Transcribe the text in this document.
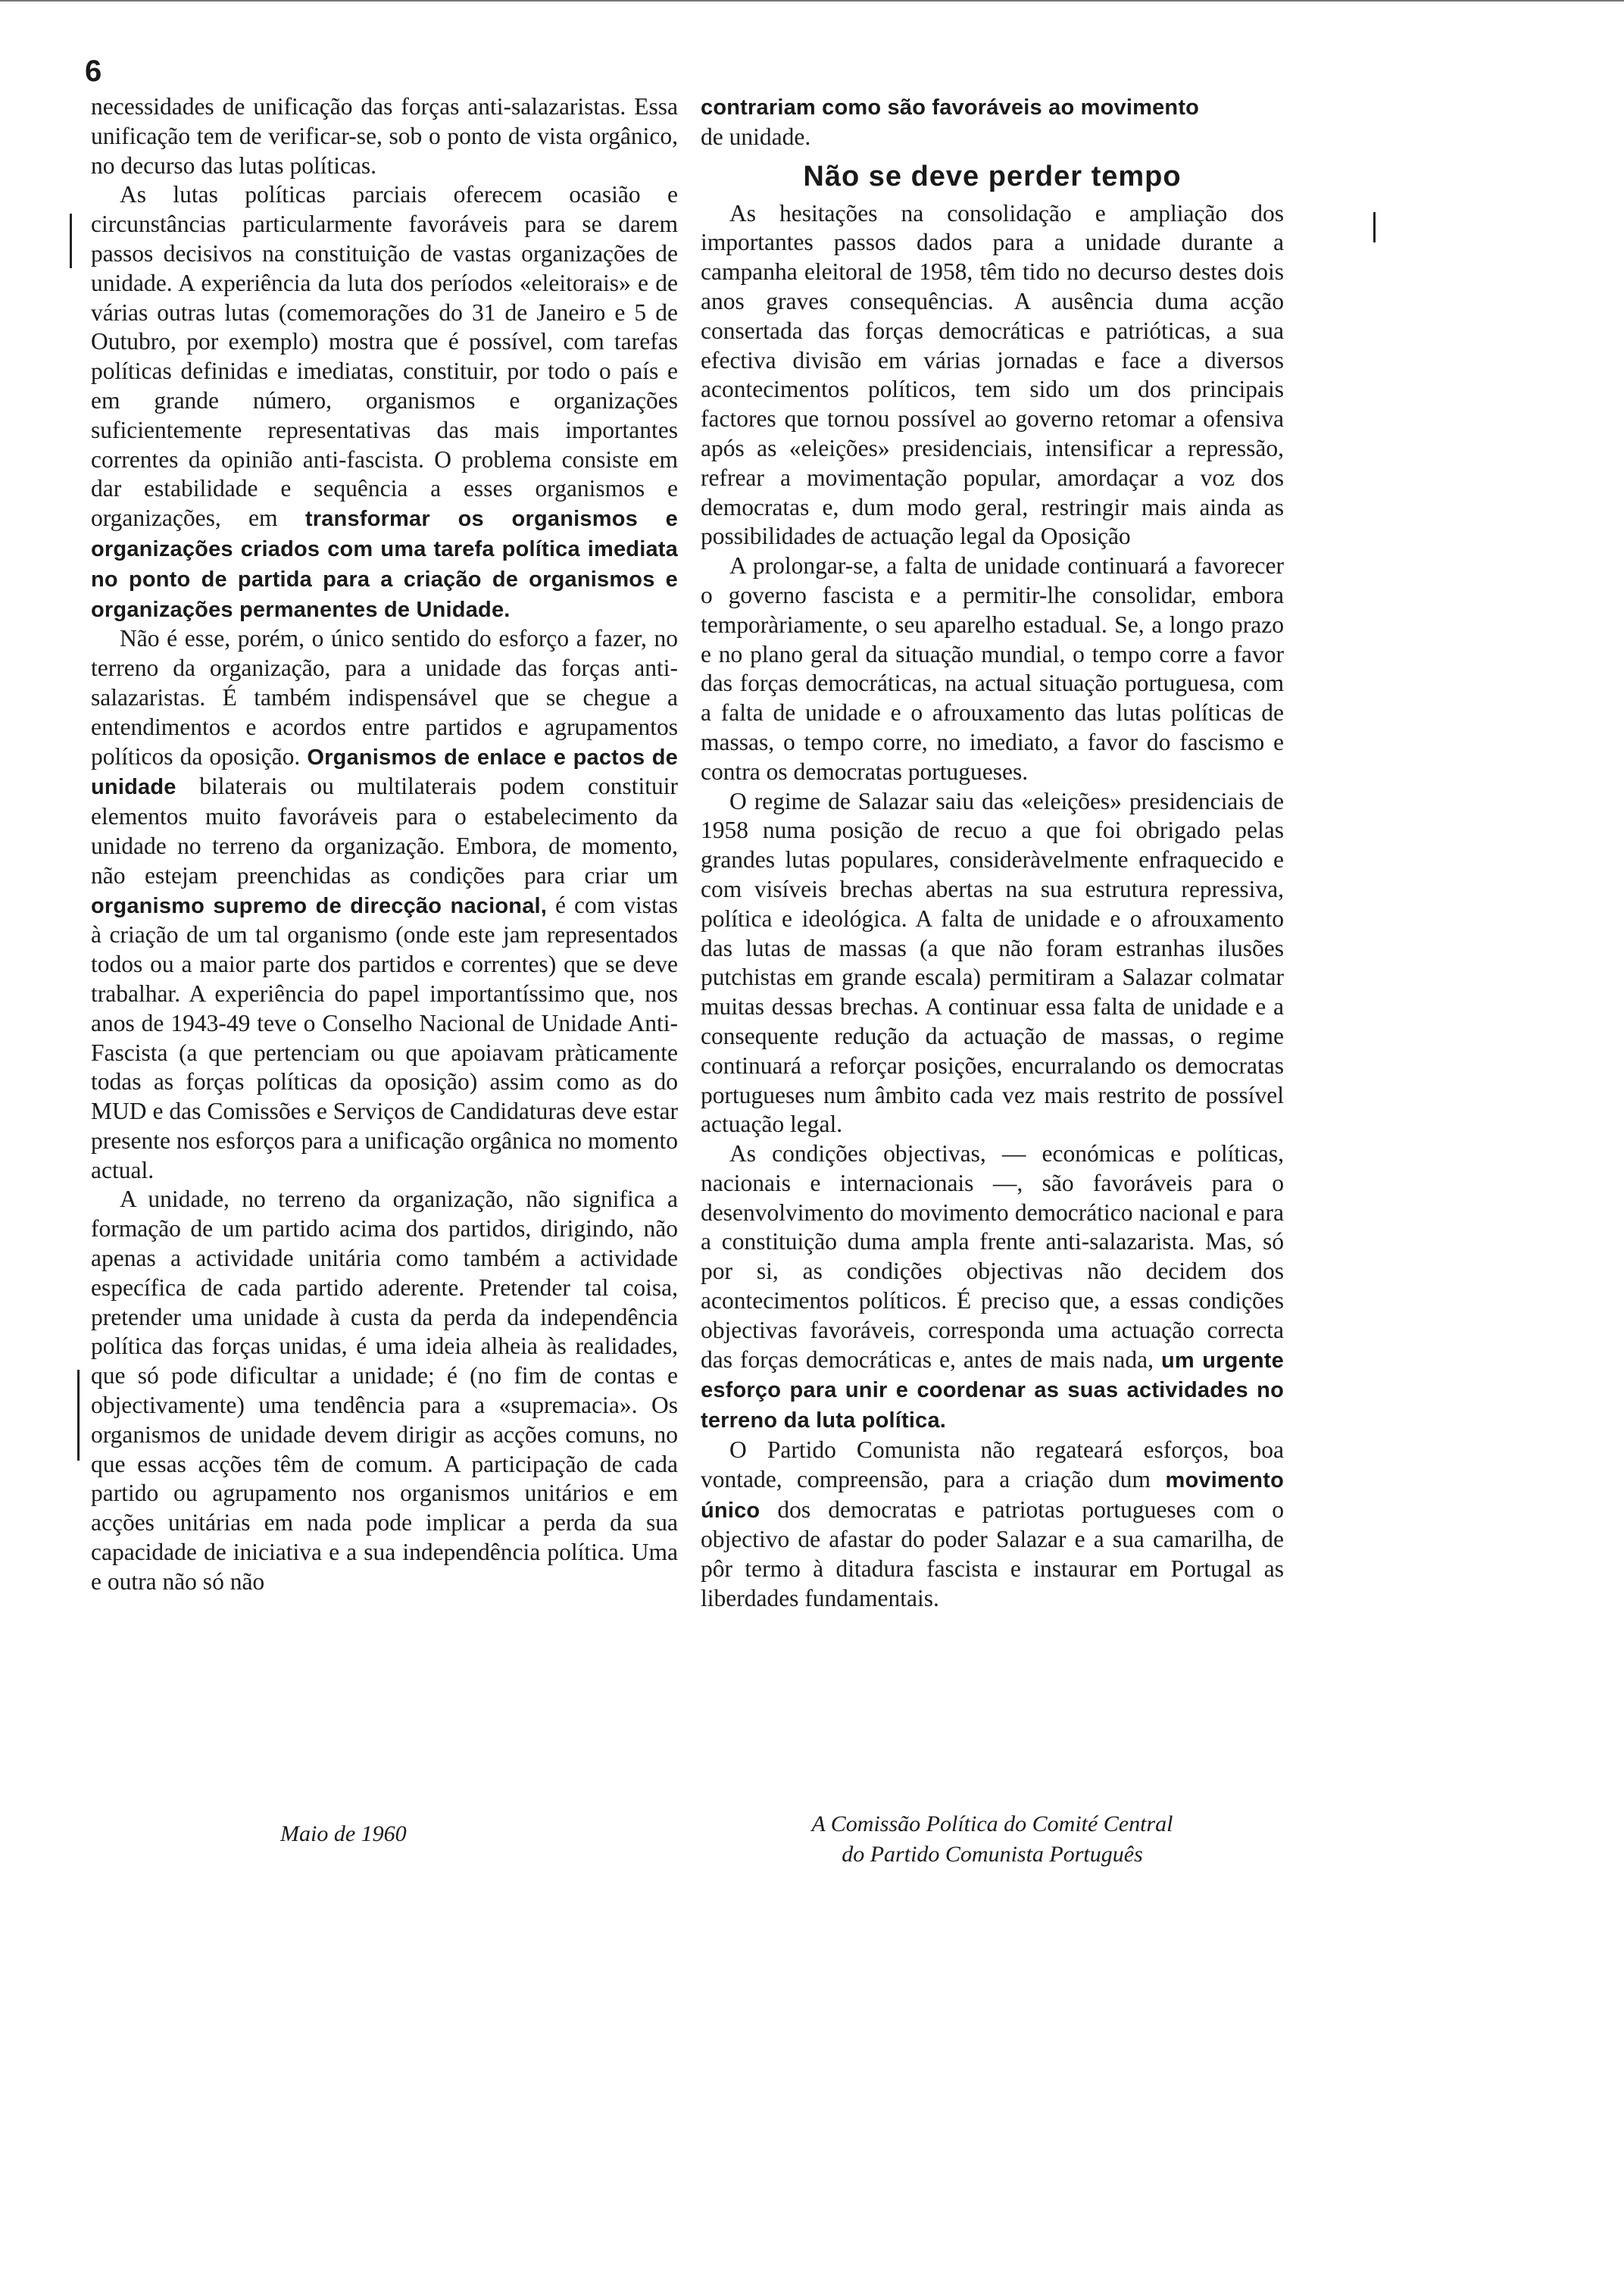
6

necessidades de unificação das forças anti-salazaristas. Essa unificação tem de verificar-se, sob o ponto de vista orgânico, no decurso das lutas políticas.

As lutas políticas parciais oferecem ocasião e circunstâncias particularmente favoráveis para se darem passos decisivos na constituição de vastas organizações de unidade. A experiência da luta dos períodos «eleitorais» e de várias outras lutas (comemorações do 31 de Janeiro e 5 de Outubro, por exemplo) mostra que é possível, com tarefas políticas definidas e imediatas, constituir, por todo o país e em grande número, organismos e organizações suficientemente representativas das mais importantes correntes da opinião anti-fascista. O problema consiste em dar estabilidade e sequência a esses organismos e organizações, em transformar os organismos e organizações criados com uma tarefa política imediata no ponto de partida para a criação de organismos e organizações permanentes de Unidade.

Não é esse, porém, o único sentido do esforço a fazer, no terreno da organização, para a unidade das forças anti-salazaristas. É também indispensável que se chegue a entendimentos e acordos entre partidos e agrupamentos políticos da oposição. Organismos de enlace e pactos de unidade bilaterais ou multilaterais podem constituir elementos muito favoráveis para o estabelecimento da unidade no terreno da organização. Embora, de momento, não estejam preenchidas as condições para criar um organismo supremo de direcção nacional, é com vistas à criação de um tal organismo (onde este jam representados todos ou a maior parte dos partidos e correntes) que se deve trabalhar. A experiência do papel importantíssimo que, nos anos de 1943-49 teve o Conselho Nacional de Unidade Anti-Fascista (a que pertenciam ou que apoiavam pràticamente todas as forças políticas da oposição) assim como as do MUD e das Comissões e Serviços de Candidaturas deve estar presente nos esforços para a unificação orgânica no momento actual.

A unidade, no terreno da organização, não significa a formação de um partido acima dos partidos, dirigindo, não apenas a actividade unitária como também a actividade específica de cada partido aderente. Pretender tal coisa, pretender uma unidade à custa da perda da independência política das forças unidas, é uma ideia alheia às realidades, que só pode dificultar a unidade; é (no fim de contas e objectivamente) uma tendência para a «supremacia». Os organismos de unidade devem dirigir as acções comuns, no que essas acções têm de comum. A participação de cada partido ou agrupamento nos organismos unitários e em acções unitárias em nada pode implicar a perda da sua capacidade de iniciativa e a sua independência política. Uma e outra não só não

Maio de 1960

contrariam como são favoráveis ao movimento
de unidade.

Não se deve perder tempo

As hesitações na consolidação e ampliação dos importantes passos dados para a unidade durante a campanha eleitoral de 1958, têm tido no decurso destes dois anos graves consequências. A ausência duma acção consertada das forças democráticas e patrióticas, a sua efectiva divisão em várias jornadas e face a diversos acontecimentos políticos, tem sido um dos principais factores que tornou possível ao governo retomar a ofensiva após as «eleições» presidenciais, intensificar a repressão, refrear a movimentação popular, amordaçar a voz dos democratas e, dum modo geral, restringir mais ainda as possibilidades de actuação legal da Oposição

A prolongar-se, a falta de unidade continuará a favorecer o governo fascista e a permitir-lhe consolidar, embora temporàriamente, o seu aparelho estadual. Se, a longo prazo e no plano geral da situação mundial, o tempo corre a favor das forças democráticas, na actual situação portuguesa, com a falta de unidade e o afrouxamento das lutas políticas de massas, o tempo corre, no imediato, a favor do fascismo e contra os democratas portugueses.

O regime de Salazar saiu das «eleições» presidenciais de 1958 numa posição de recuo a que foi obrigado pelas grandes lutas populares, consideràvelmente enfraquecido e com visíveis brechas abertas na sua estrutura repressiva, política e ideológica. A falta de unidade e o afrouxamento das lutas de massas (a que não foram estranhas ilusões putchistas em grande escala) permitiram a Salazar colmatar muitas dessas brechas. A continuar essa falta de unidade e a consequente redução da actuação de massas, o regime continuará a reforçar posições, encurralando os democratas portugueses num âmbito cada vez mais restrito de possível actuação legal.

As condições objectivas, — económicas e políticas, nacionais e internacionais —, são favoráveis para o desenvolvimento do movimento democrático nacional e para a constituição duma ampla frente anti-salazarista. Mas, só por si, as condições objectivas não decidem dos acontecimentos políticos. É preciso que, a essas condições objectivas favoráveis, corresponda uma actuação correcta das forças democráticas e, antes de mais nada, um urgente esforço para unir e coordenar as suas actividades no terreno da luta política.

O Partido Comunista não regateará esforços, boa vontade, compreensão, para a criação dum movimento único dos democratas e patriotas portugueses com o objectivo de afastar do poder Salazar e a sua camarilha, de pôr termo à ditadura fascista e instaurar em Portugal as liberdades fundamentais.

A Comissão Política do Comité Central
do Partido Comunista Português
